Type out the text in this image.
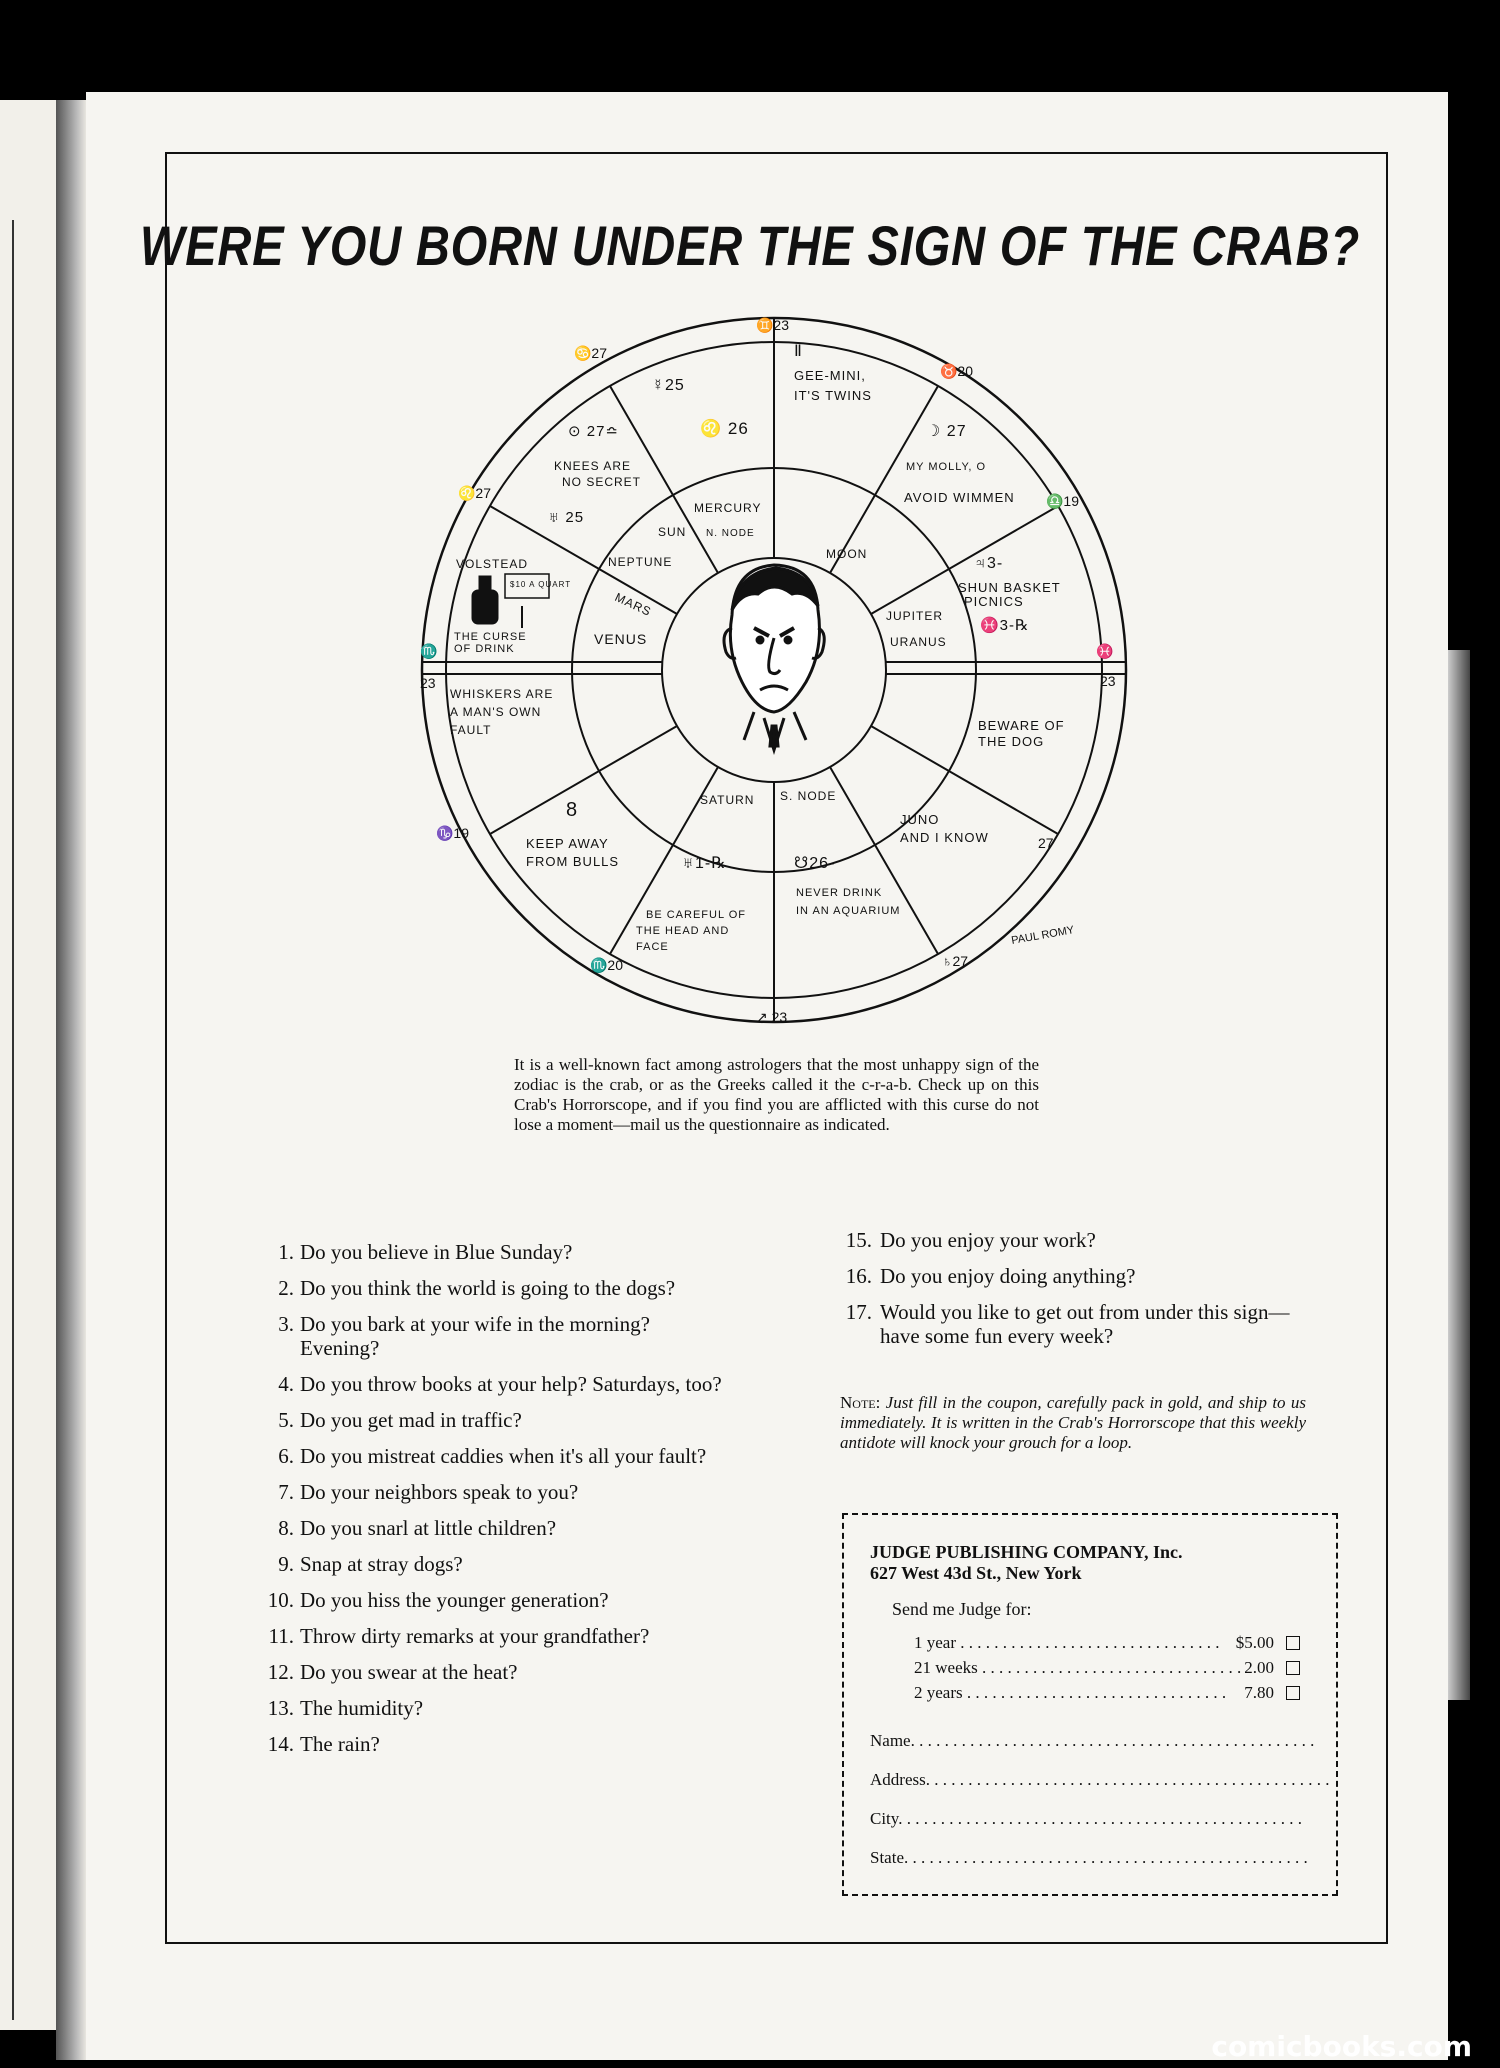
WERE YOU BORN UNDER THE SIGN OF THE CRAB?
♊23
↗ 23
♋27
♉20
♎19
♓
23
27
♄27
♏20
♑19
♏
23
♌27
Ⅱ
GEE-MINI,
IT'S TWINS
☽ 27
MY MOLLY, O
AVOID WIMMEN
♃3-
SHUN BASKET
PICNICS
♓3-℞
BEWARE OF
THE DOG
JUNO
AND I KNOW
☋26-
NEVER DRINK
IN AN AQUARIUM
♅1-℞
BE CAREFUL OF
THE HEAD AND
FACE
8
KEEP AWAY
FROM BULLS
WHISKERS ARE
A MAN'S OWN
FAULT
VOLSTEAD
$10 A QUART
THE CURSE
OF DRINK
♅ 25
⊙ 27≏
KNEES ARE
NO SECRET
♌ 26
☿25
MERCURY
SUN N. NODE
NEPTUNE
MOON
MARS
VENUS
JUPITER
URANUS
SATURN S. NODE
PAUL ROMY
It is a well-known fact among astrologers that the most unhappy sign of the zodiac is the crab, or as the Greeks called it the c-r-a-b. Check up on this Crab's Horrorscope, and if you find you are afflicted with this curse do not lose a moment—mail us the questionnaire as indicated.
1. Do you believe in Blue Sunday?
2. Do you think the world is going to the dogs?
3. Do you bark at your wife in the morning? Evening?
4. Do you throw books at your help? Saturdays, too?
5. Do you get mad in traffic?
6. Do you mistreat caddies when it's all your fault?
7. Do your neighbors speak to you?
8. Do you snarl at little children?
9. Snap at stray dogs?
10. Do you hiss the younger generation?
11. Throw dirty remarks at your grandfather?
12. Do you swear at the heat?
13. The humidity?
14. The rain?
15. Do you enjoy your work?
16. Do you enjoy doing anything?
17. Would you like to get out from under this sign—have some fun every week?
Note: Just fill in the coupon, carefully pack in gold, and ship to us immediately. It is written in the Crab's Horrorscope that this weekly antidote will knock your grouch for a loop.
JUDGE PUBLISHING COMPANY, Inc.
627 West 43d St., New York
Send me Judge for:
1 year . . . . . . . . . . . . . . . . . . . . . . . . . . . . . . . $5.00
21 weeks . . . . . . . . . . . . . . . . . . . . . . . . . . . . . . . 2.00
2 years . . . . . . . . . . . . . . . . . . . . . . . . . . . . . . .	7.80
Name. . . . . . . . . . . . . . . . . . . . . . . . . . . . . . . . . . . . . . . . . . . . . . . .
Address. . . . . . . . . . . . . . . . . . . . . . . . . . . . . . . . . . . . . . . . . . . . . . . .
City. . . . . . . . . . . . . . . . . . . . . . . . . . . . . . . . . . . . . . . . . . . . . . . .
State. . . . . . . . . . . . . . . . . . . . . . . . . . . . . . . . . . . . . . . . . . . . . . . .
comicbooks.com
